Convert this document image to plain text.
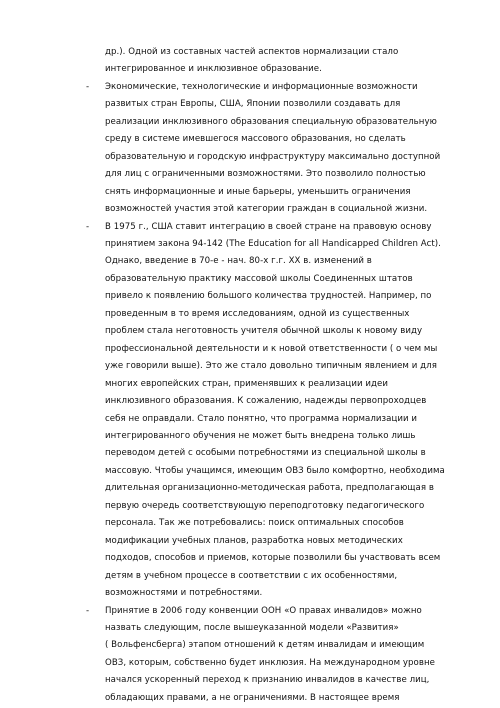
др.). Одной из составных частей аспектов нормализации стало
интегрированное и инклюзивное образование.
- Экономические, технологические и информационные возможности
развитых стран Европы, США, Японии позволили создавать для
реализации инклюзивного образования специальную образовательную
среду в системе имевшегося массового образования, но сделать
образовательную и городскую инфраструктуру максимально доступной
для лиц с ограниченными возможностями. Это позволило полностью
снять информационные и иные барьеры, уменьшить ограничения
возможностей участия этой категории граждан в социальной жизни.
- В 1975 г., США ставит интеграцию в своей стране на правовую основу
принятием закона 94-142 (The Education for all Handicapped Children Act).
Однако, введение в 70-е - нач. 80-х г.г. XX в. изменений в
образовательную практику массовой школы Соединенных штатов
привело к появлению большого количества трудностей. Например, по
проведенным в то время исследованиям, одной из существенных
проблем стала неготовность учителя обычной школы к новому виду
профессиональной деятельности и к новой ответственности ( о чем мы
уже говорили выше). Это же стало довольно типичным явлением и для
многих европейских стран, применявших к реализации идеи
инклюзивного образования. К сожалению, надежды первопроходцев
себя не оправдали. Стало понятно, что программа нормализации и
интегрированного обучения не может быть внедрена только лишь
переводом детей с особыми потребностями из специальной школы в
массовую. Чтобы учащимся, имеющим ОВЗ было комфортно, необходима
длительная организационно-методическая работа, предполагающая в
первую очередь соответствующую переподготовку педагогического
персонала. Так же потребовались: поиск оптимальных способов
модификации учебных планов, разработка новых методических
подходов, способов и приемов, которые позволили бы участвовать всем
детям в учебном процессе в соответствии с их особенностями,
возможностями и потребностями.
- Принятие в 2006 году конвенции ООН «О правах инвалидов» можно
назвать следующим, после вышеуказанной модели «Развития»
( Вольфенсберга) этапом отношений к детям инвалидам и имеющим
ОВЗ, которым, собственно будет инклюзия. На международном уровне
начался ускоренный переход к признанию инвалидов в качестве лиц,
обладающих правами, а не ограничениями. В настоящее время
